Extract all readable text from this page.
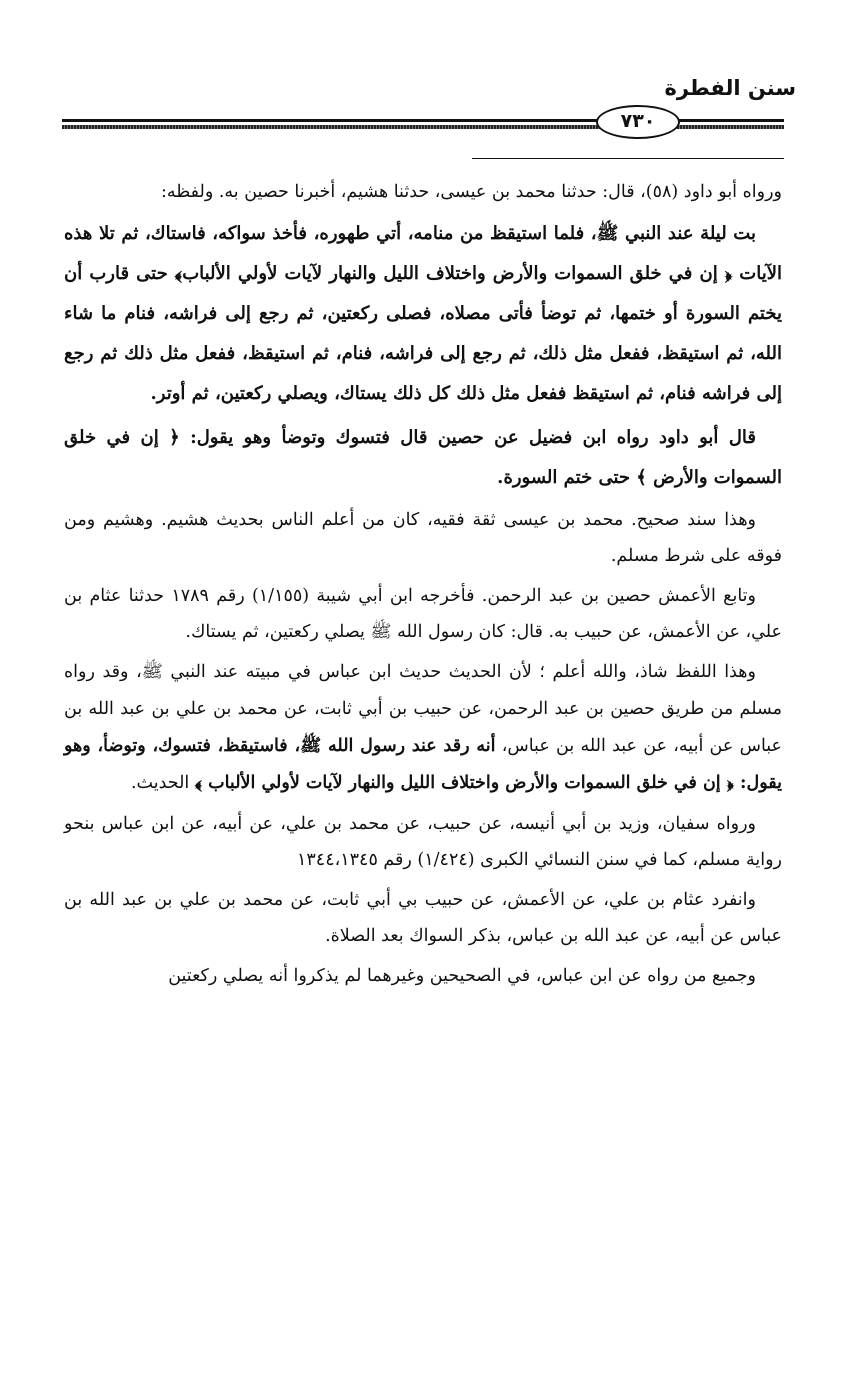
سنن الفطرة
٧٣٠

ورواه أبو داود (٥٨)، قال: حدثنا محمد بن عيسى، حدثنا هشيم، أخبرنا حصين به. ولفظه:

بت ليلة عند النبي ﷺ، فلما استيقظ من منامه، أتي طهوره، فأخذ سواكه، فاستاك، ثم تلا هذه الآيات ﴿ إن في خلق السموات والأرض واختلاف الليل والنهار لآيات لأولي الألباب﴾ حتى قارب أن يختم السورة أو ختمها، ثم توضأ فأتى مصلاه، فصلى ركعتين، ثم رجع إلى فراشه، فنام ما شاء الله، ثم استيقظ، ففعل مثل ذلك، ثم رجع إلى فراشه، فنام، ثم استيقظ، ففعل مثل ذلك ثم رجع إلى فراشه فنام، ثم استيقظ ففعل مثل ذلك كل ذلك يستاك، ويصلي ركعتين، ثم أوتر.

قال أبو داود رواه ابن فضيل عن حصين قال فتسوك وتوضأ وهو يقول: ﴿ إن في خلق السموات والأرض ﴾ حتى ختم السورة.

وهذا سند صحيح. محمد بن عيسى ثقة فقيه، كان من أعلم الناس بحديث هشيم. وهشيم ومن فوقه على شرط مسلم.

وتابع الأعمش حصين بن عبد الرحمن. فأخرجه ابن أبي شيبة (١/١٥٥) رقم ١٧٨٩ حدثنا عثام بن علي، عن الأعمش، عن حبيب به. قال: كان رسول الله ﷺ يصلي ركعتين، ثم يستاك.

وهذا اللفظ شاذ، والله أعلم ؛ لأن الحديث حديث ابن عباس في مبيته عند النبي ﷺ، وقد رواه مسلم من طريق حصين بن عبد الرحمن، عن حبيب بن أبي ثابت، عن محمد بن علي بن عبد الله بن عباس عن أبيه، عن عبد الله بن عباس، أنه رقد عند رسول الله ﷺ، فاستيقظ، فتسوك، وتوضأ، وهو يقول: ﴿ إن في خلق السموات والأرض واختلاف الليل والنهار لآيات لأولي الألباب ﴾ الحديث.

ورواه سفيان، وزيد بن أبي أنيسه، عن حبيب، عن محمد بن علي، عن أبيه، عن ابن عباس بنحو رواية مسلم، كما في سنن النسائي الكبرى (١/٤٢٤) رقم ١٣٤٤،١٣٤٥

وانفرد عثام بن علي، عن الأعمش، عن حبيب بي أبي ثابت، عن محمد بن علي بن عبد الله بن عباس عن أبيه، عن عبد الله بن عباس، بذكر السواك بعد الصلاة.

وجميع من رواه عن ابن عباس، في الصحيحين وغيرهما لم يذكروا أنه يصلي ركعتين
